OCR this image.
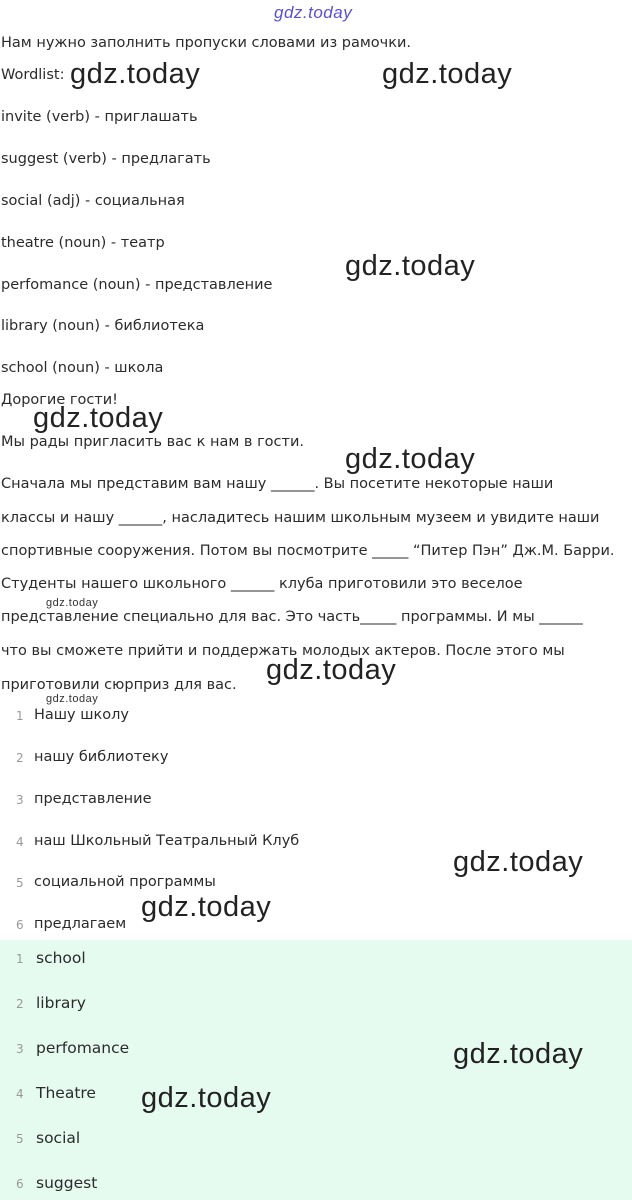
gdz.today
Нам нужно заполнить пропуски словами из рамочки.
Wordlist:
invite (verb) - приглашать
suggest (verb) - предлагать
social (adj) - социальная
theatre (noun) - театр
perfomance (noun) - представление
library (noun) - библиотека
school (noun) - школа
Дорогие гости!
Мы рады пригласить вас к нам в гости.
Сначала мы представим вам нашу ______. Вы посетите некоторые наши
классы и нашу ______, насладитесь нашим школьным музеем и увидите наши
спортивные сооружения. Потом вы посмотрите _____ “Питер Пэн” Дж.М. Барри.
Студенты нашего школьного ______ клуба приготовили это веселое
представление специально для вас. Это часть_____ программы. И мы ______
что вы сможете прийти и поддержать молодых актеров. После этого мы
приготовили сюрприз для вас.
1 Нашу школу
2 нашу библиотеку
3 представление
4 наш Школьный Театральный Клуб
5 социальной программы
6 предлагаем
1 school
2 library
3 perfomance
4 Theatre
5 social
6 suggest
gdz.today	gdz.today
gdz.today
gdz.today
gdz.today
gdz.today
gdz.today
gdz.today
gdz.today
gdz.today
gdz.today
gdz.today
